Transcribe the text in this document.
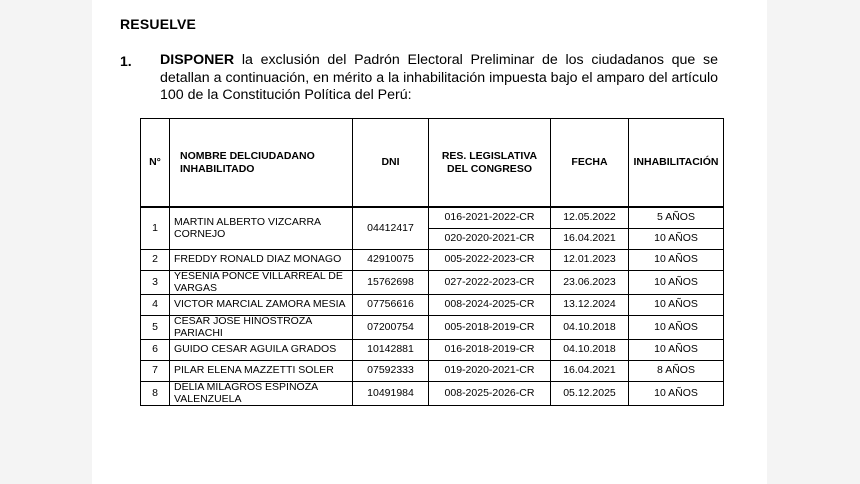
RESUELVE
1. DISPONER la exclusión del Padrón Electoral Preliminar de los ciudadanos que se detallan a continuación, en mérito a la inhabilitación impuesta bajo el amparo del artículo 100 de la Constitución Política del Perú:
N°	NOMBRE DELCIUDADANO INHABILITADO	DNI	RES. LEGISLATIVA DEL CONGRESO	FECHA	INHABILITACIÓN
1	MARTIN ALBERTO VIZCARRA CORNEJO	04412417	016-2021-2022-CR	12.05.2022	5 AÑOS
			020-2020-2021-CR	16.04.2021	10 AÑOS
2	FREDDY RONALD DIAZ MONAGO	42910075	005-2022-2023-CR	12.01.2023	10 AÑOS
3	YESENIA PONCE VILLARREAL DE VARGAS	15762698	027-2022-2023-CR	23.06.2023	10 AÑOS
4	VICTOR MARCIAL ZAMORA MESIA	07756616	008-2024-2025-CR	13.12.2024	10 AÑOS
5	CESAR JOSE HINOSTROZA PARIACHI	07200754	005-2018-2019-CR	04.10.2018	10 AÑOS
6	GUIDO CESAR AGUILA GRADOS	10142881	016-2018-2019-CR	04.10.2018	10 AÑOS
7	PILAR ELENA MAZZETTI SOLER	07592333	019-2020-2021-CR	16.04.2021	8 AÑOS
8	DELIA MILAGROS ESPINOZA VALENZUELA	10491984	008-2025-2026-CR	05.12.2025	10 AÑOS
